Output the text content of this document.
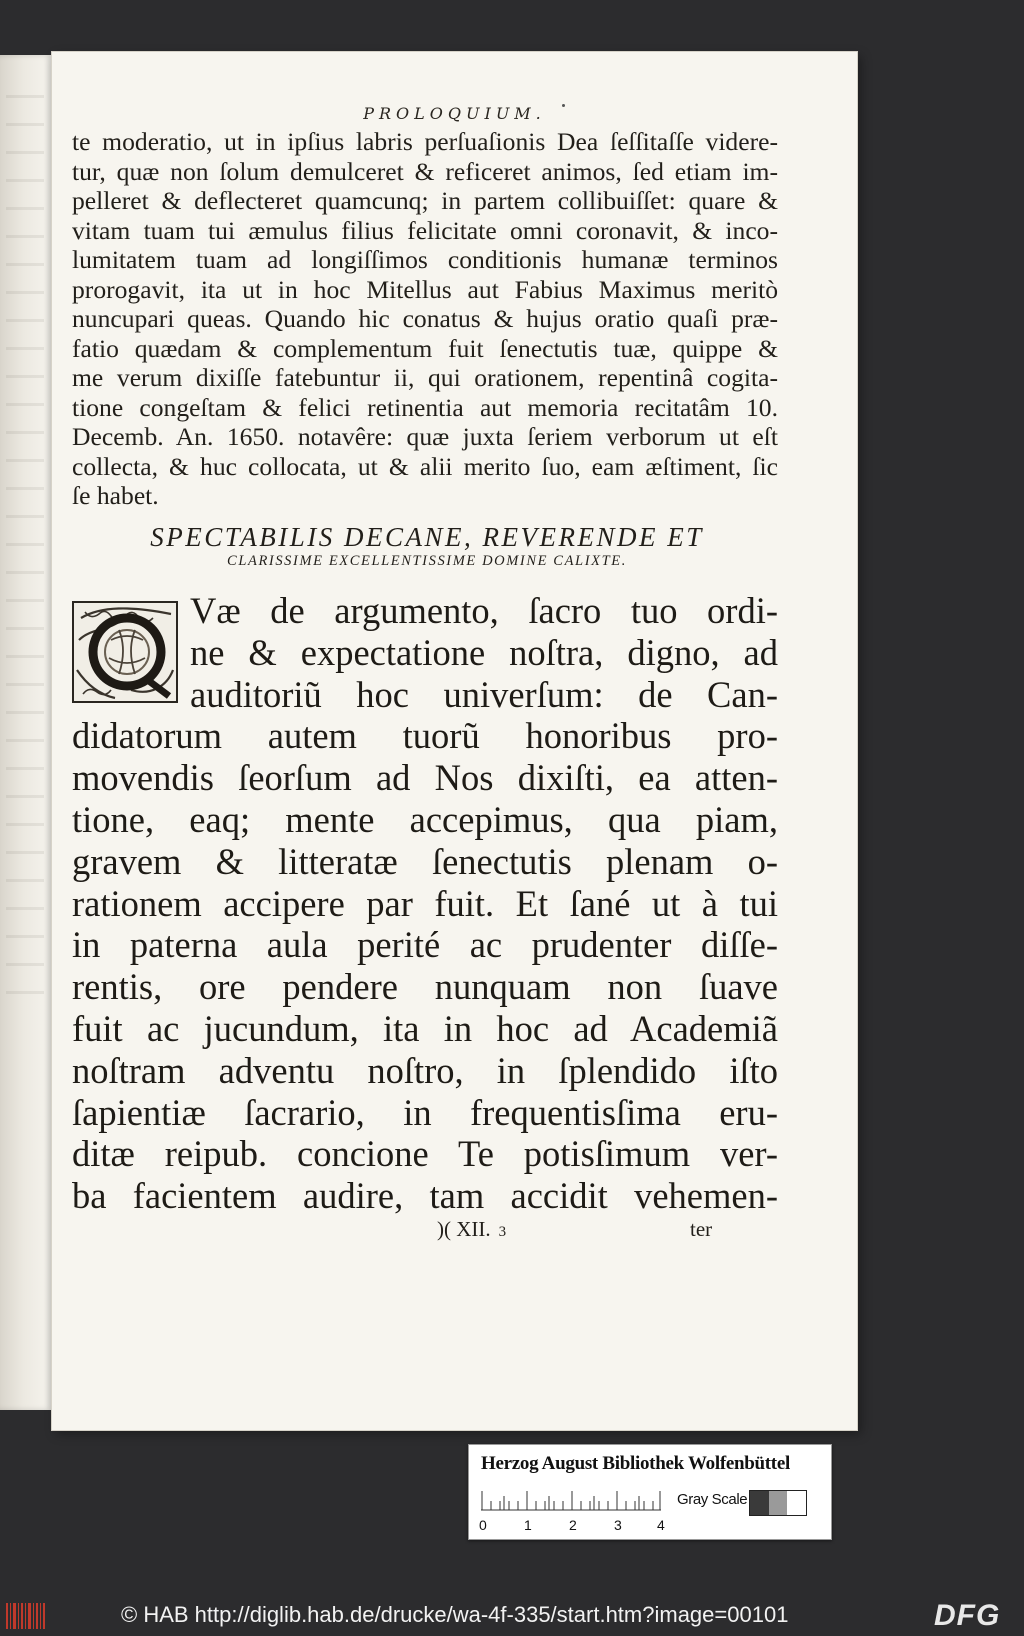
PROLOQUIUM.
te moderatio, ut in ipſius labris perſuaſionis Dea ſeſſitaſſe videre-
tur, quæ non ſolum demulceret & reficeret animos, ſed etiam im-
pelleret & deflecteret quamcunq; in partem collibuiſſet: quare &
vitam tuam tui æmulus filius felicitate omni coronavit, & inco-
lumitatem tuam ad longiſſimos conditionis humanæ terminos
prorogavit, ita ut in hoc Mitellus aut Fabius Maximus meritò
nuncupari queas. Quando hic conatus & hujus oratio quaſi præ-
fatio quædam & complementum fuit ſenectutis tuæ, quippe &
me verum dixiſſe fatebuntur ii, qui orationem, repentinâ cogita-
tione congeſtam & felici retinentia aut memoria recitatâm 10.
Decemb. An. 1650. notavêre: quæ juxta ſeriem verborum ut eſt
collecta, & huc collocata, ut & alii merito ſuo, eam æſtiment, ſic
ſe habet.
SPECTABILIS DECANE, REVERENDE ET
CLARISSIME EXCELLENTISSIME DOMINE CALIXTE.
Væ de argumento, ſacro tuo ordi-
ne & expectatione noſtra, digno, ad
auditoriũ hoc univerſum: de Can-
didatorum autem tuorũ honoribus pro-
movendis ſeorſum ad Nos dixiſti, ea atten-
tione, eaq; mente accepimus, qua piam,
gravem & litteratæ ſenectutis plenam o-
rationem accipere par fuit. Et ſané ut à tui
in paterna aula perité ac prudenter diſſe-
rentis, ore pendere nunquam non ſuave
fuit ac jucundum, ita in hoc ad Academiã
noſtram adventu noſtro, in ſplendido iſto
ſapientiæ ſacrario, in frequentisſima eru-
ditæ reipub. concione Te potisſimum ver-
ba facientem audire, tam accidit vehemen-
)( XII. 3	ter
Herzog August Bibliothek Wolfenbüttel
0	1	2	3	4
Gray Scale
© HAB http://diglib.hab.de/drucke/wa-4f-335/start.htm?image=00101	DFG
